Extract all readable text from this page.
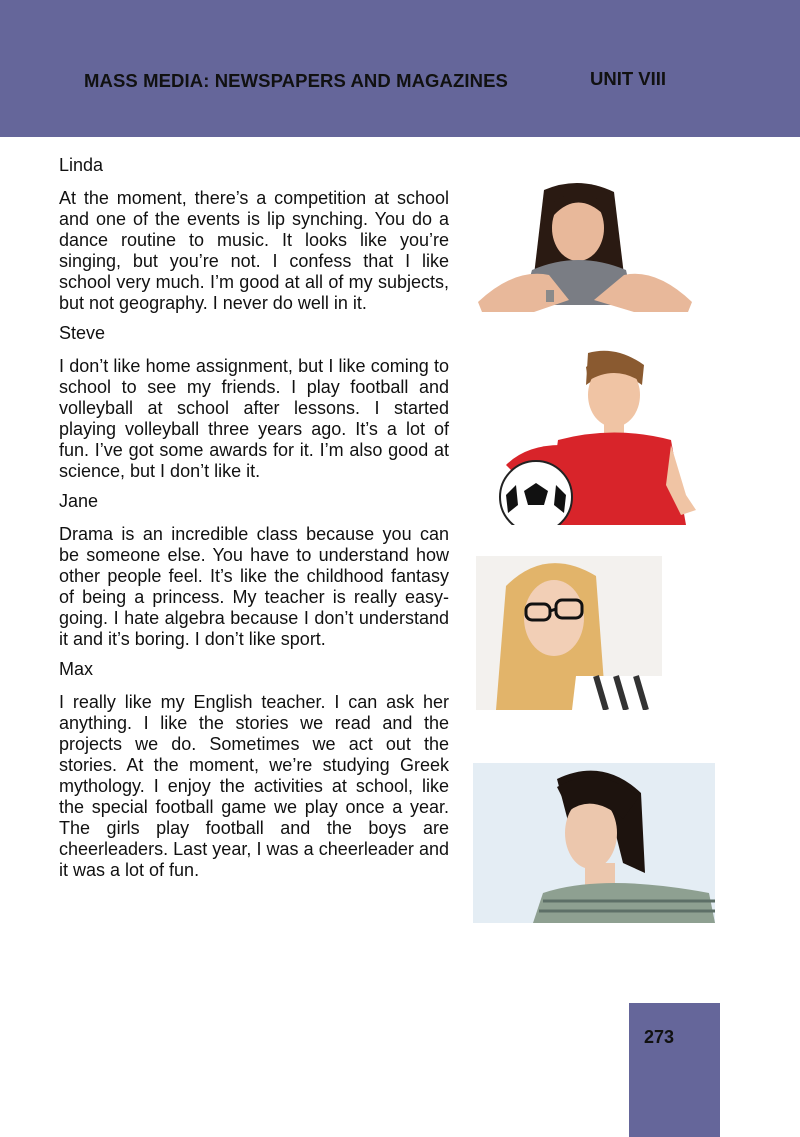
MASS MEDIA: NEWSPAPERS AND MAGAZINES	UNIT VIII
Linda

At the moment, there’s a competition at school and one of the events is lip synching. You do a dance routine to music. It looks like you’re singing, but you’re not. I confess that I like school very much. I’m good at all of my subjects, but not geography. I never do well in it.

Steve

I don’t like home assignment, but I like coming to school to see my friends. I play football and volleyball at school after lessons. I started playing volleyball three years ago. It’s a lot of fun. I’ve got some awards for it. I’m also good at science, but I don’t like it.

Jane

Drama is an incredible class because you can be someone else. You have to understand how other people feel. It’s like the childhood fantasy of being a princess. My teacher is really easy-going. I hate algebra because I don’t understand it and it’s boring. I don’t like sport.

Max

I really like my English teacher. I can ask her anything. I like the stories we read and the projects we do. Sometimes we act out the stories. At the moment, we’re studying Greek mythology. I enjoy the activities at school, like the special football game we play once a year. The girls play football and the boys are cheerleaders. Last year, I was a cheerleader and it was a lot of fun.

273
